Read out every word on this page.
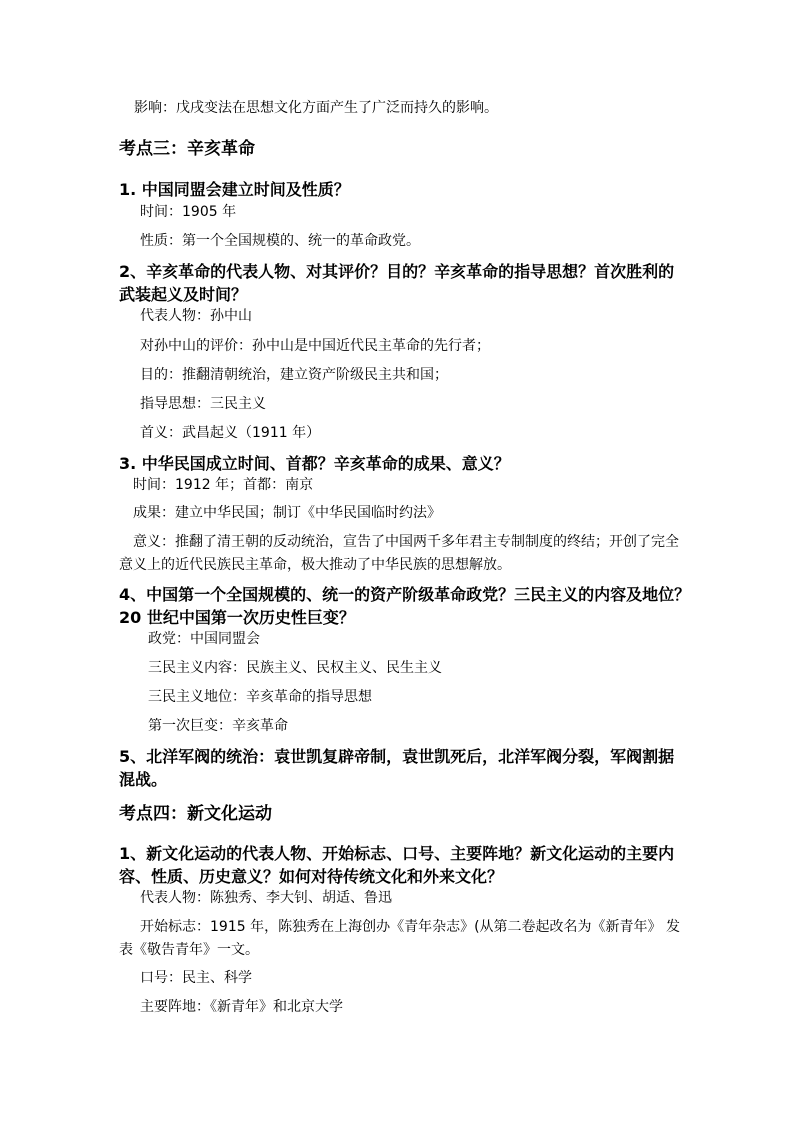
影响：戊戌变法在思想文化方面产生了广泛而持久的影响。
考点三：辛亥革命
1. 中国同盟会建立时间及性质？
时间：1905 年
性质：第一个全国规模的、统一的革命政党。
2、辛亥革命的代表人物、对其评价？目的？辛亥革命的指导思想？首次胜利的
武装起义及时间？
代表人物：孙中山
对孙中山的评价：孙中山是中国近代民主革命的先行者；
目的：推翻清朝统治，建立资产阶级民主共和国；
指导思想：三民主义
首义：武昌起义（1911 年）
3. 中华民国成立时间、首都？辛亥革命的成果、意义？
时间：1912 年；首都：南京
成果：建立中华民国；制订《中华民国临时约法》
意义：推翻了清王朝的反动统治，宣告了中国两千多年君主专制制度的终结；开创了完全
意义上的近代民族民主革命，极大推动了中华民族的思想解放。
4、中国第一个全国规模的、统一的资产阶级革命政党？三民主义的内容及地位？
20 世纪中国第一次历史性巨变？
政党：中国同盟会
三民主义内容：民族主义、民权主义、民生主义
三民主义地位：辛亥革命的指导思想
第一次巨变：辛亥革命
5、北洋军阀的统治：袁世凯复辟帝制，袁世凯死后，北洋军阀分裂，军阀割据
混战。
考点四：新文化运动
1、新文化运动的代表人物、开始标志、口号、主要阵地？新文化运动的主要内
容、性质、历史意义？如何对待传统文化和外来文化？
代表人物：陈独秀、李大钊、胡适、鲁迅
开始标志：1915 年，陈独秀在上海创办《青年杂志》(从第二卷起改名为《新青年》 发
表《敬告青年》一文。
口号：民主、科学
主要阵地：《新青年》和北京大学
